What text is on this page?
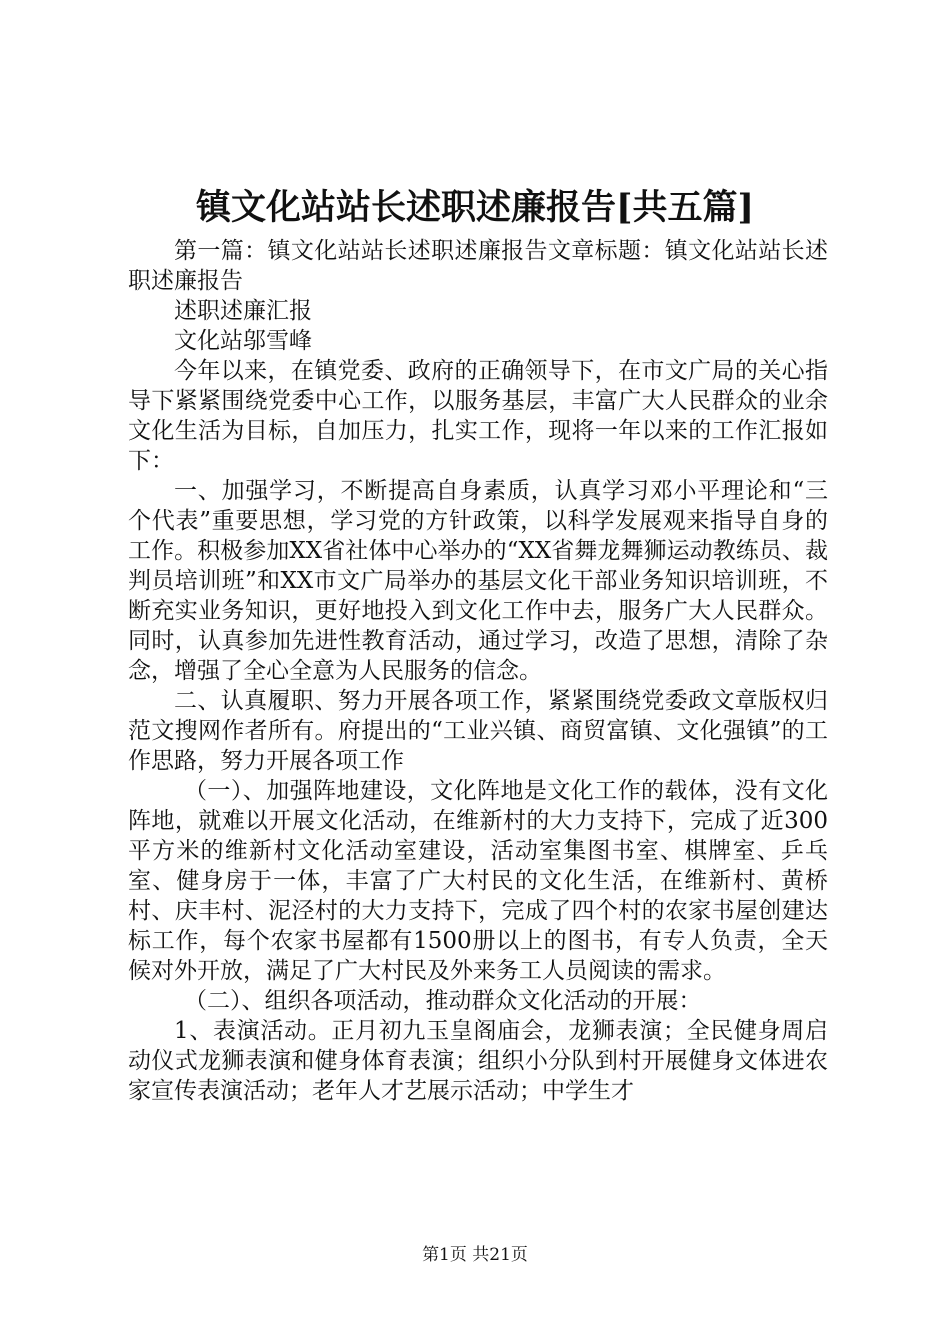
镇文化站站长述职述廉报告[共五篇]

第一篇：镇文化站站长述职述廉报告文章标题：镇文化站站长述职述廉报告

述职述廉汇报

文化站邬雪峰

今年以来，在镇党委、政府的正确领导下，在市文广局的关心指导下紧紧围绕党委中心工作，以服务基层，丰富广大人民群众的业余文化生活为目标，自加压力，扎实工作，现将一年以来的工作汇报如下：

一、加强学习，不断提高自身素质，认真学习邓小平理论和“三个代表”重要思想，学习党的方针政策，以科学发展观来指导自身的工作。积极参加XX省社体中心举办的“XX省舞龙舞狮运动教练员、裁判员培训班”和XX市文广局举办的基层文化干部业务知识培训班，不断充实业务知识，更好地投入到文化工作中去，服务广大人民群众。同时，认真参加先进性教育活动，通过学习，改造了思想，清除了杂念，增强了全心全意为人民服务的信念。

二、认真履职、努力开展各项工作，紧紧围绕党委政文章版权归范文搜网作者所有。府提出的“工业兴镇、商贸富镇、文化强镇”的工作思路，努力开展各项工作

（一）、加强阵地建设，文化阵地是文化工作的载体，没有文化阵地，就难以开展文化活动，在维新村的大力支持下，完成了近300平方米的维新村文化活动室建设，活动室集图书室、棋牌室、乒乓室、健身房于一体，丰富了广大村民的文化生活，在维新村、黄桥村、庆丰村、泥泾村的大力支持下，完成了四个村的农家书屋创建达标工作，每个农家书屋都有1500册以上的图书，有专人负责，全天候对外开放，满足了广大村民及外来务工人员阅读的需求。

（二）、组织各项活动，推动群众文化活动的开展：

1、表演活动。正月初九玉皇阁庙会，龙狮表演；全民健身周启动仪式龙狮表演和健身体育表演；组织小分队到村开展健身文体进农家宣传表演活动；老年人才艺展示活动；中学生才

第1页 共21页
